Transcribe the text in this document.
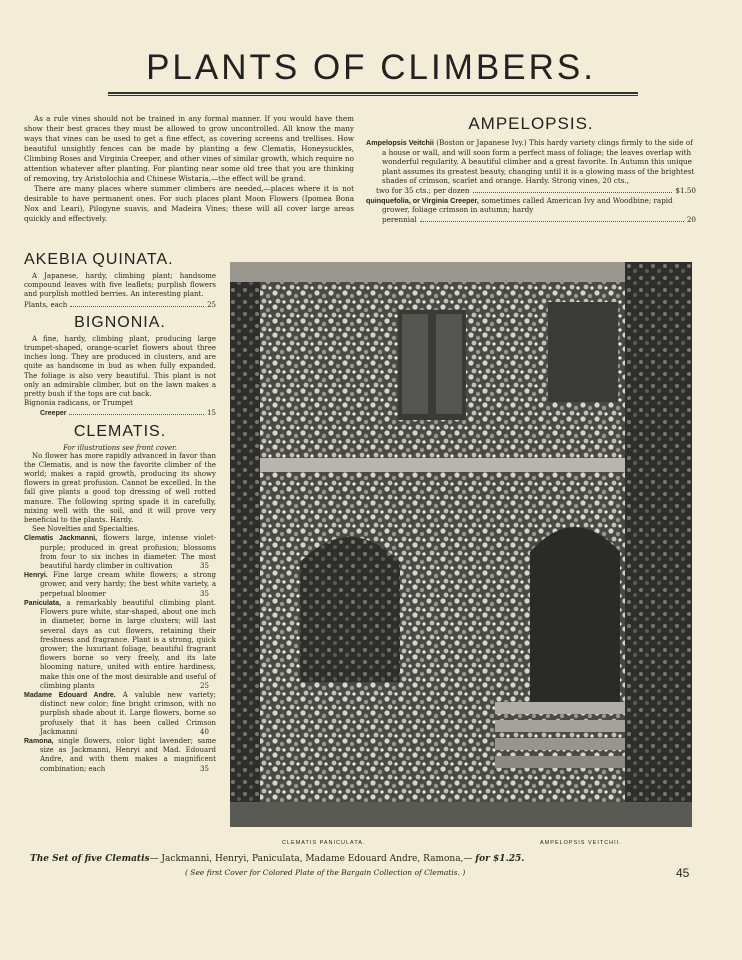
PLANTS OF CLIMBERS.

As a rule vines should not be trained in any formal manner. If you would have them show their best graces they must be allowed to grow uncontrolled. All know the many ways that vines can be used to get a fine effect, as covering screens and trellises. How beautiful unsightly fences can be made by planting a few Clematis, Honeysuckles, Climbing Roses and Virginia Creeper, and other vines of similar growth, which require no attention whatever after planting. For planting near some old tree that you are thinking of removing, try Aristolochia and Chinese Wistaria,—the effect will be grand.

There are many places where summer climbers are needed,—places where it is not desirable to have permanent ones. For such places plant Moon Flowers (Ipomea Bona Nox and Leari), Pilogyne suavis, and Madeira Vines; these will all cover large areas quickly and effectively.

AMPELOPSIS.
Ampelopsis Veitchii (Boston or Japanese Ivy.) This hardy variety clings firmly to the side of a house or wall, and will soon form a perfect mass of foliage; the leaves overlap with wonderful regularity. A beautiful climber and a great favorite. In Autumn this unique plant assumes its greatest beauty, changing until it is a glowing mass of the brightest shades of crimson, scarlet and orange. Hardy. Strong vines, 20 cts.,
two for 35 cts.; per dozen	$1.50
quinquefolia, or Virginia Creeper, sometimes called American Ivy and Woodbine; rapid grower, foliage crimson in autumn; hardy
perennial	20
AKEBIA QUINATA.
A Japanese, hardy, climbing plant; handsome compound leaves with five leaflets; purplish flowers and purplish mottled berries. An interesting plant.
Plants, each	25
BIGNONIA.
A fine, hardy, climbing plant, producing large trumpet-shaped, orange-scarlet flowers about three inches long. They are produced in clusters, and are quite as handsome in bud as when fully expanded. The foliage is also very beautiful. This plant is not only an admirable climber, but on the lawn makes a pretty bush if the tops are cut back.
Bignonia radicans, or Trumpet
Creeper	15
CLEMATIS.
For illustrations see front cover.
No flower has more rapidly advanced in favor than the Clematis, and is now the favorite climber of the world; makes a rapid growth, producing its showy flowers in great profusion. Cannot be excelled. In the fall give plants a good top dressing of well rotted manure. The following spring spade it in carefully, mixing well with the soil, and it will prove very beneficial to the plants. Hardy.
See Novelties and Specialties.
Clematis Jackmanni, flowers large, intense violet-purple; produced in great profusion; blossoms from four to six inches in diameter. The most beautiful hardy climber in cultivation	35
Henryi. Fine large cream white flowers; a strong grower, and very hardy; the best white variety, a perpetual bloomer	35
Paniculata, a remarkably beautiful climbing plant. Flowers pure white, star-shaped, about one inch in diameter, borne in large clusters; will last several days as cut flowers, retaining their freshness and fragrance. Plant is a strong, quick grower; the luxuriant foliage, beautiful fragrant flowers borne so very freely, and its late blooming nature, united with entire hardiness, make this one of the most desirable and useful of climbing plants	25
Madame Edouard Andre. A valuble new variety; distinct new color; fine bright crimson, with no purplish shade about it. Large flowers, borne so profusely that it has been called Crimson Jackmanni	40
Ramona, single flowers, color light lavender; same size as Jackmanni, Henryi and Mad. Edouard Andre, and with them makes a magnificent combination; each	35
CLEMATIS PANICULATA.	AMPELOPSIS VEITCHII.
The Set of five Clematis— Jackmanni, Henryi, Paniculata, Madame Edouard Andre, Ramona,— for $1.25.
( See first Cover for Colored Plate of the Bargain Collection of Clematis. )	45
